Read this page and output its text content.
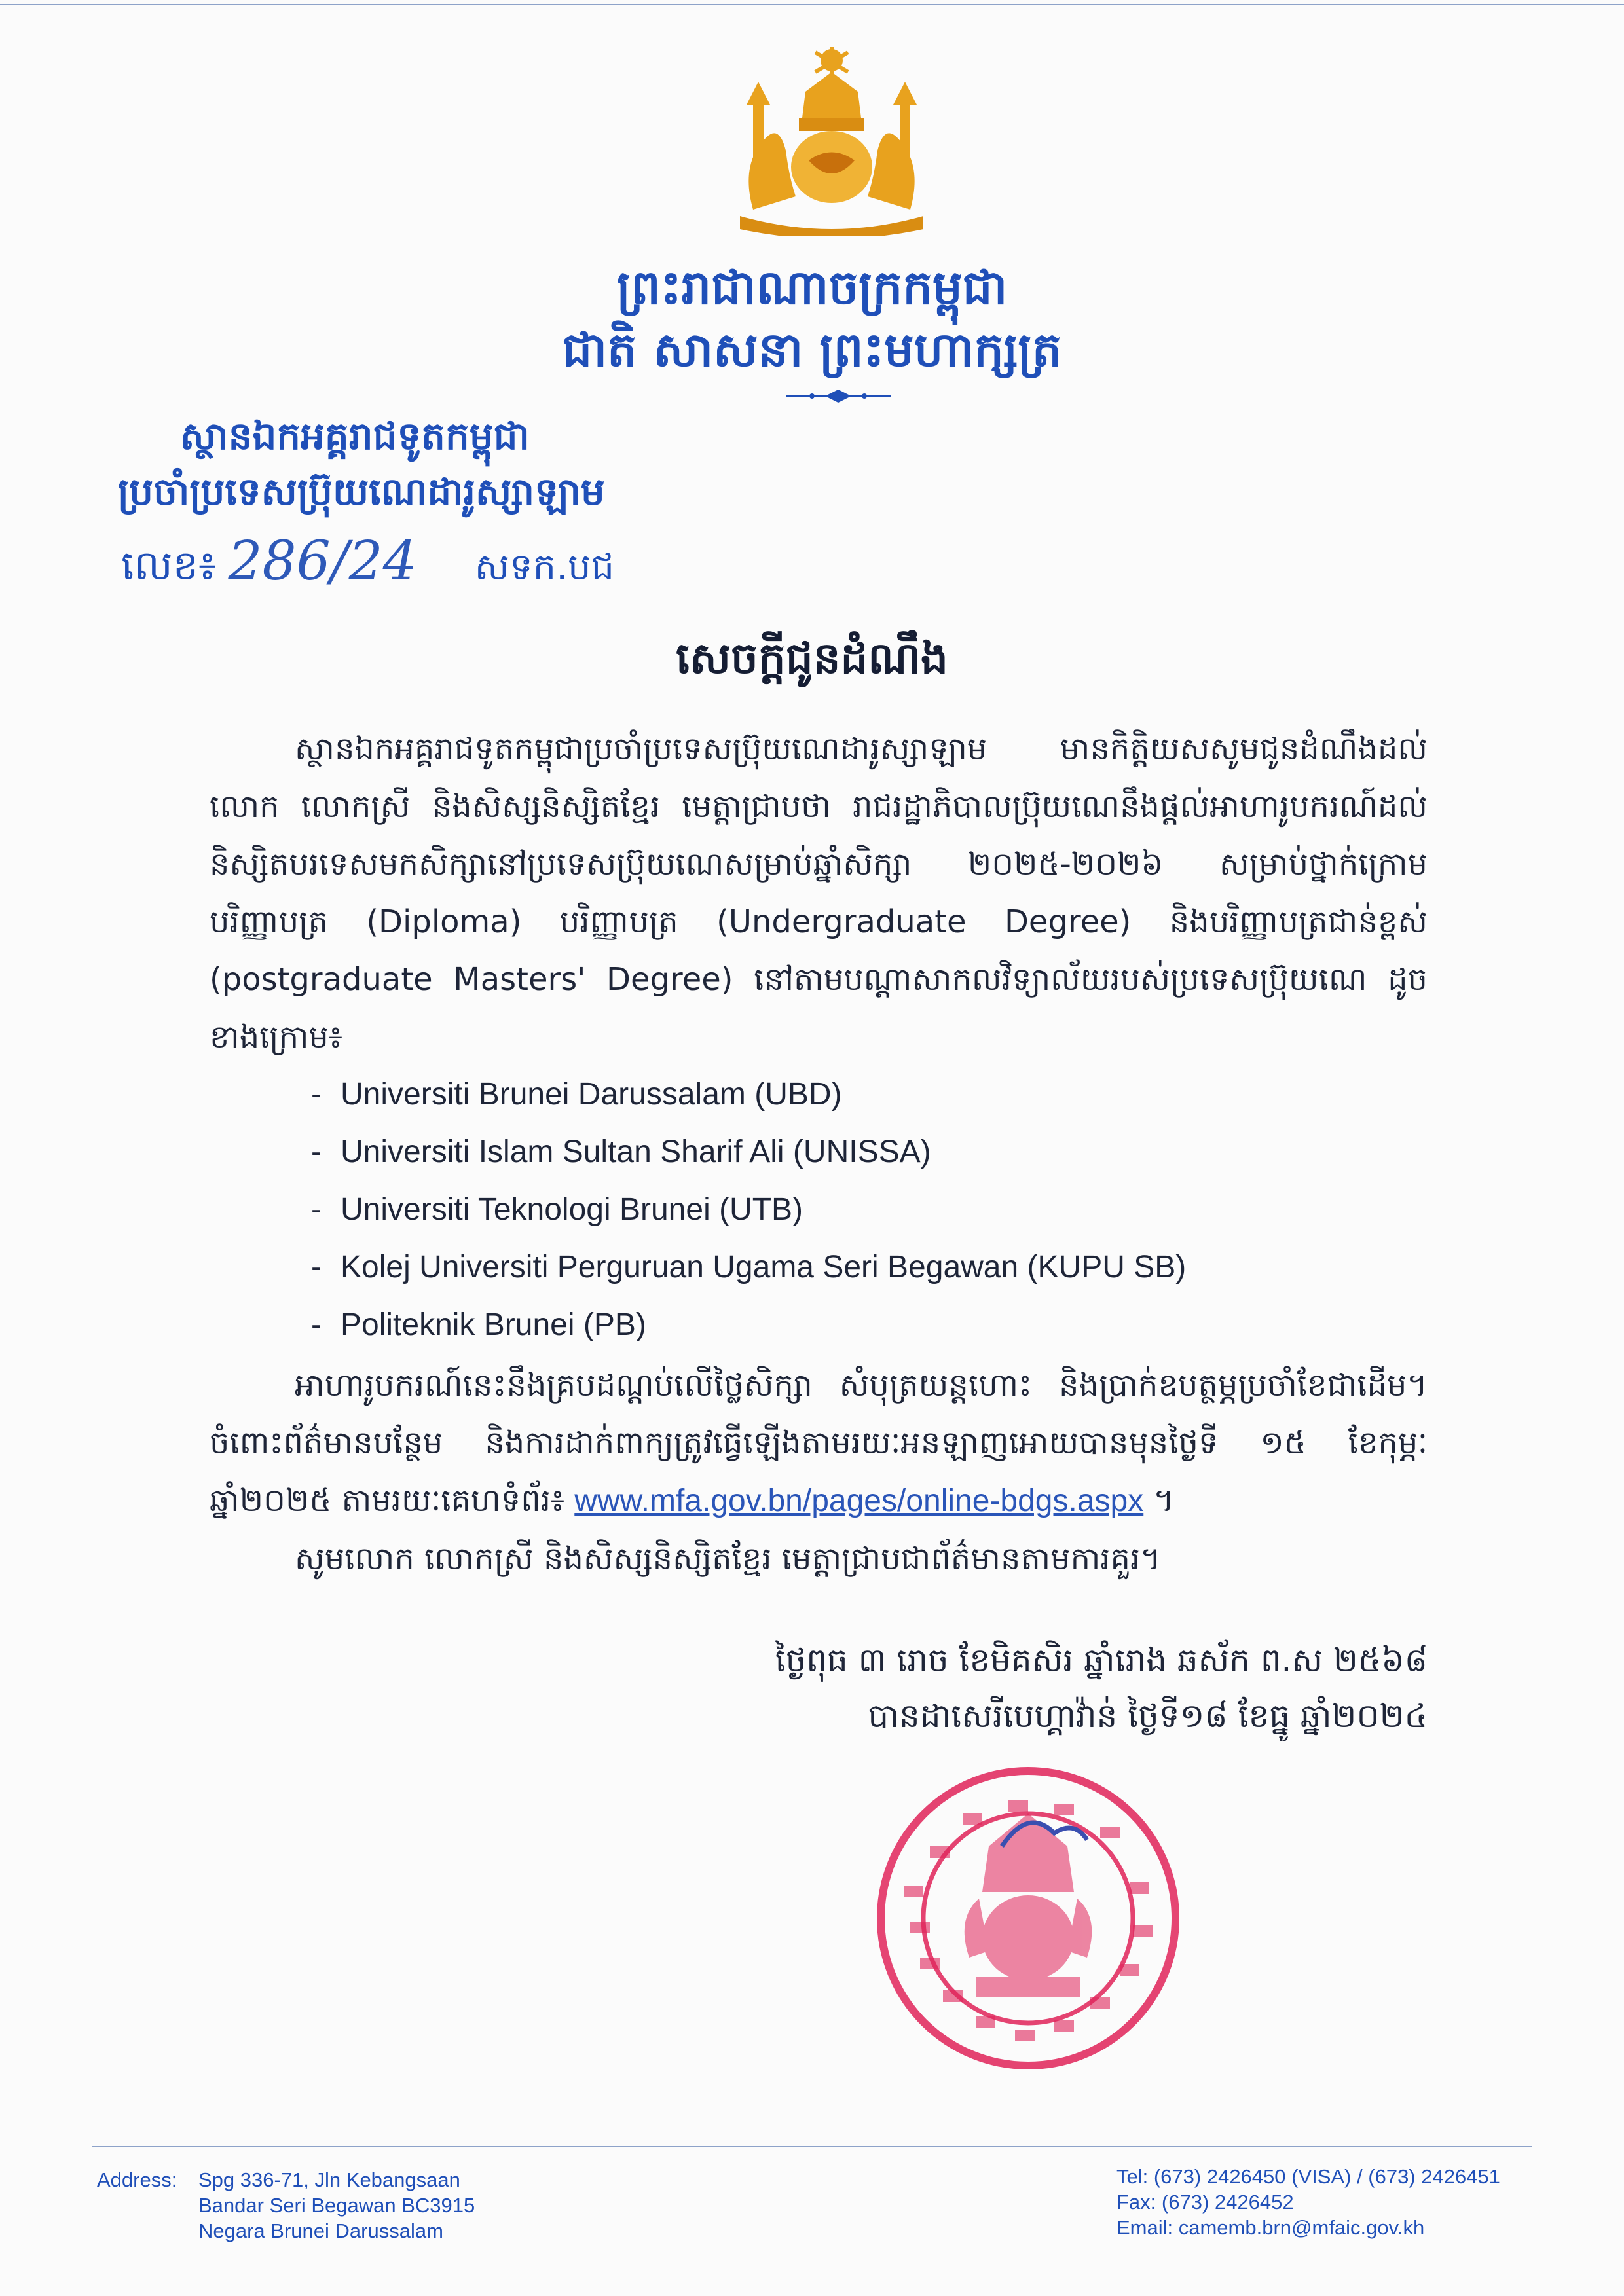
ព្រះរាជាណាចក្រកម្ពុជា
ជាតិ សាសនា ព្រះមហាក្សត្រ
ស្ថានឯកអគ្គរាជទូតកម្ពុជា
ប្រចាំប្រទេសប្រ៊ុយណេដារូស្សាឡាម
លេខ៖ 286/24 សទក.បជ
សេចក្តីជូនដំណឹង

ស្ថានឯកអគ្គរាជទូតកម្ពុជាប្រចាំប្រទេសប្រ៊ុយណេដារូស្សាឡាម មានកិត្តិយសសូមជូនដំណឹងដល់លោក លោកស្រី និងសិស្សនិស្សិតខ្មែរ មេត្តាជ្រាបថា រាជរដ្ឋាភិបាលប្រ៊ុយណេនឹងផ្តល់អាហារូបករណ៍ដល់និស្សិតបរទេសមកសិក្សានៅប្រទេសប្រ៊ុយណេសម្រាប់ឆ្នាំសិក្សា ២០២៥-២០២៦ សម្រាប់ថ្នាក់ក្រោមបរិញ្ញាបត្រ (Diploma) បរិញ្ញាបត្រ (Undergraduate Degree) និងបរិញ្ញាបត្រជាន់ខ្ពស់ (postgraduate Masters' Degree) នៅតាមបណ្តាសាកលវិទ្យាល័យរបស់ប្រទេសប្រ៊ុយណេ ដូចខាងក្រោម៖

- Universiti Brunei Darussalam (UBD)
- Universiti Islam Sultan Sharif Ali (UNISSA)
- Universiti Teknologi Brunei (UTB)
- Kolej Universiti Perguruan Ugama Seri Begawan (KUPU SB)
- Politeknik Brunei (PB)

អាហារូបករណ៍នេះនឹងគ្របដណ្តប់លើថ្លៃសិក្សា សំបុត្រយន្តហោះ និងប្រាក់ឧបត្ថម្ភប្រចាំខែជាដើម។ ចំពោះព័ត៌មានបន្ថែម និងការដាក់ពាក្យត្រូវធ្វើឡើងតាមរយៈអនឡាញអោយបានមុនថ្ងៃទី ១៥ ខែកុម្ភៈ ឆ្នាំ២០២៥ តាមរយៈគេហទំព័រ៖ www.mfa.gov.bn/pages/online-bdgs.aspx ។

សូមលោក លោកស្រី និងសិស្សនិស្សិតខ្មែរ មេត្តាជ្រាបជាព័ត៌មានតាមការគួរ។

ថ្ងៃពុធ ៣ រោច ខែមិគសិរ ឆ្នាំរោង ឆស័ក ព.ស ២៥៦៨
បានដាសេរីបេហ្គាវ៉ាន់ ថ្ងៃទី១៨ ខែធ្នូ ឆ្នាំ២០២៤
Address: Spg 336-71, Jln Kebangsaan
Bandar Seri Begawan BC3915
Negara Brunei Darussalam
Tel: (673) 2426450 (VISA) / (673) 2426451
Fax: (673) 2426452
Email: camemb.brn@mfaic.gov.kh
